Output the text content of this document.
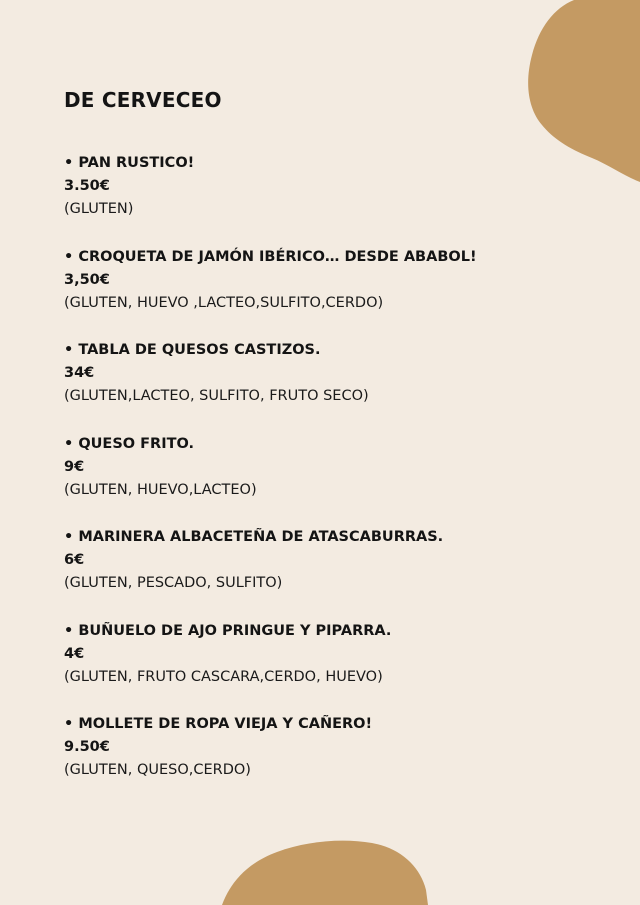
DE CERVECEO
• PAN RUSTICO!
3.50€
(GLUTEN)
• CROQUETA DE JAMÓN IBÉRICO… DESDE ABABOL!
3,50€
(GLUTEN, HUEVO ,LACTEO,SULFITO,CERDO)
• TABLA DE QUESOS CASTIZOS.
34€
(GLUTEN,LACTEO, SULFITO, FRUTO SECO)
• QUESO FRITO.
9€
(GLUTEN, HUEVO,LACTEO)
• MARINERA ALBACETEÑA DE ATASCABURRAS.
6€
(GLUTEN, PESCADO, SULFITO)
• BUÑUELO DE AJO PRINGUE Y PIPARRA.
4€
(GLUTEN, FRUTO CASCARA,CERDO, HUEVO)
• MOLLETE DE ROPA VIEJA Y CAÑERO!
9.50€
(GLUTEN, QUESO,CERDO)
